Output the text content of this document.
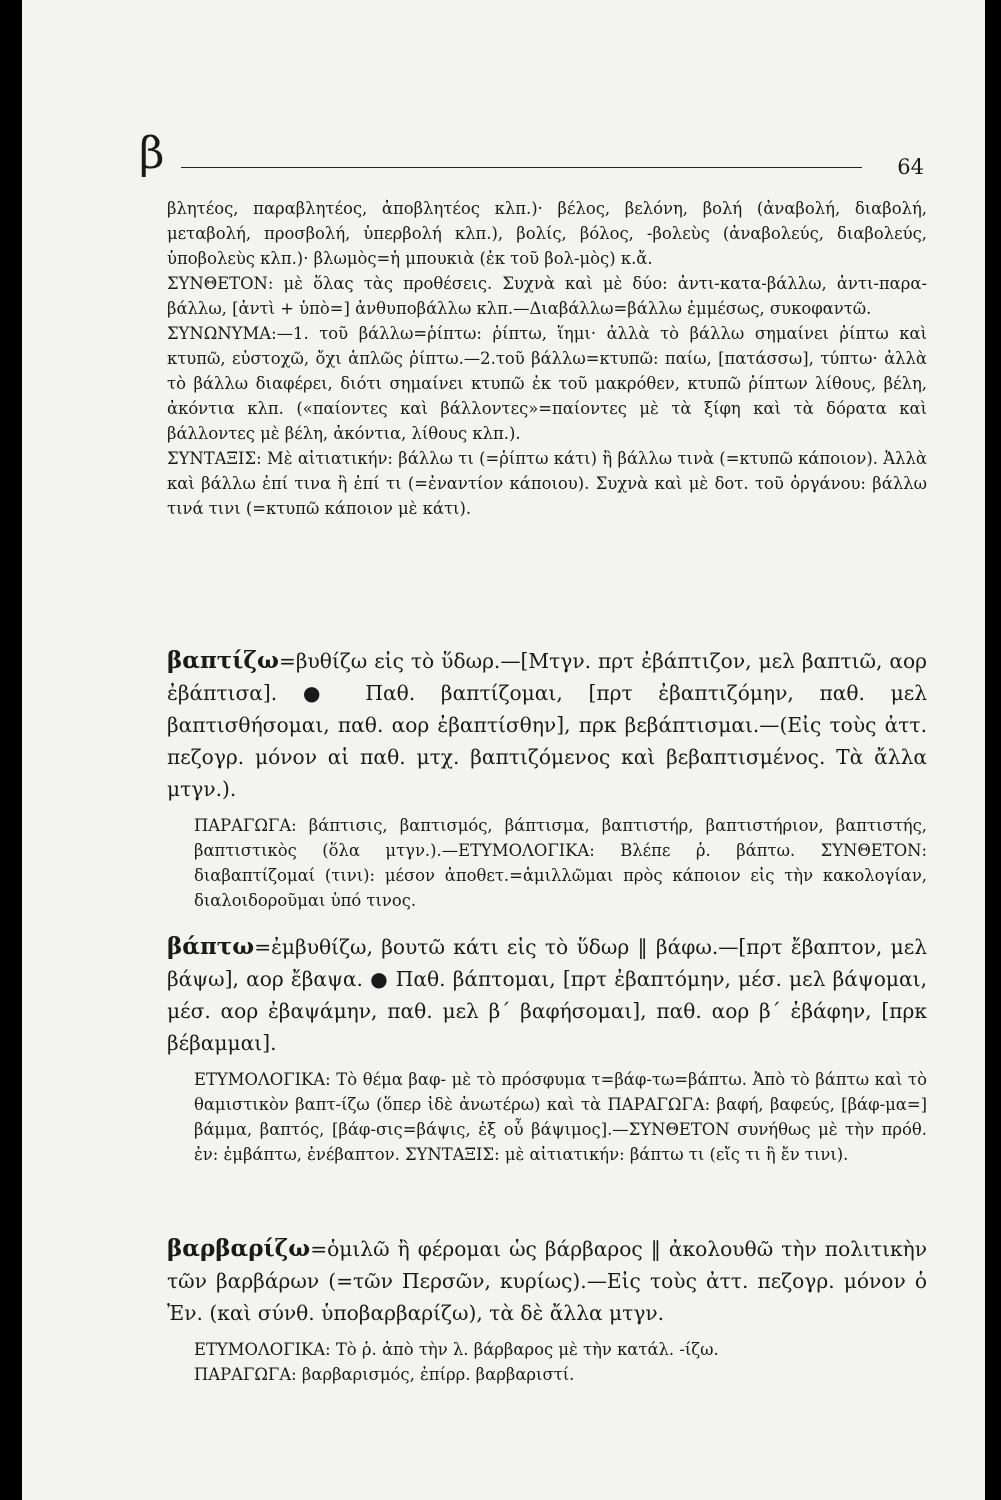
β	64

βλητέος, παραβλητέος, ἀποβλητέος κλπ.)· βέλος, βελόνη, βολή (ἀναβολή, διαβολή, μεταβολή, προσβολή, ὑπερβολή κλπ.), βολίς, βόλος, -βολεὺς (ἀναβολεύς, διαβολεύς, ὑποβολεὺς κλπ.)· βλωμὸς=ἡ μπουκιὰ (ἐκ τοῦ βολ-μὸς) κ.ἄ.

ΣΥΝΘΕΤΟΝ: μὲ ὅλας τὰς προθέσεις. Συχνὰ καὶ μὲ δύο: ἀντι-κατα-βάλλω, ἀντι-παρα-βάλλω, [ἀντὶ + ὑπὸ=] ἀνθυποβάλλω κλπ.—Διαβάλλω=βάλλω ἐμμέσως, συκοφαντῶ.

ΣΥΝΩΝΥΜΑ:—1. τοῦ βάλλω=ῥίπτω: ῥίπτω, ἵημι· ἀλλὰ τὸ βάλλω σημαίνει ῥίπτω καὶ κτυπῶ, εὐστοχῶ, ὄχι ἁπλῶς ῥίπτω.—2.τοῦ βάλλω=κτυπῶ: παίω, [πατάσσω], τύπτω· ἀλλὰ τὸ βάλλω διαφέρει, διότι σημαίνει κτυπῶ ἐκ τοῦ μακρόθεν, κτυπῶ ῥίπτων λίθους, βέλη, ἀκόντια κλπ. («παίοντες καὶ βάλλοντες»=παίοντες μὲ τὰ ξίφη καὶ τὰ δόρατα καὶ βάλλοντες μὲ βέλη, ἀκόντια, λίθους κλπ.).

ΣΥΝΤΑΞΙΣ: Μὲ αἰτιατικήν: βάλλω τι (=ῥίπτω κάτι) ἢ βάλλω τινὰ (=κτυπῶ κάποιον). Ἀλλὰ καὶ βάλλω ἐπί τινα ἢ ἐπί τι (=ἐναντίον κάποιου). Συχνὰ καὶ μὲ δοτ. τοῦ ὀργάνου: βάλλω τινά τινι (=κτυπῶ κάποιον μὲ κάτι).

βαπτίζω=βυθίζω εἰς τὸ ὕδωρ.—[Μτγν. πρτ ἐβάπτιζον, μελ βαπτιῶ, αορ ἐβάπτισα]. ● Παθ. βαπτίζομαι, [πρτ ἐβαπτιζόμην, παθ. μελ βαπτισθήσομαι, παθ. αορ ἐβαπτίσθην], πρκ βεβάπτισμαι.—(Εἰς τοὺς ἀττ. πεζογρ. μόνον αἱ παθ. μτχ. βαπτιζόμενος καὶ βεβαπτισμένος. Τὰ ἄλλα μτγν.).

ΠΑΡΑΓΩΓΑ: βάπτισις, βαπτισμός, βάπτισμα, βαπτιστήρ, βαπτιστήριον, βαπτιστής, βαπτιστικὸς (ὅλα μτγν.).—ΕΤΥΜΟΛΟΓΙΚΑ: Βλέπε ῥ. βάπτω. ΣΥΝΘΕΤΟΝ: διαβαπτίζομαί (τινι): μέσον ἀποθετ.=ἁμιλλῶμαι πρὸς κάποιον εἰς τὴν κακολογίαν, διαλοιδοροῦμαι ὑπό τινος.

βάπτω=ἐμβυθίζω, βουτῶ κάτι εἰς τὸ ὕδωρ ‖ βάφω.—[πρτ ἔβαπτον, μελ βάψω], αορ ἔβαψα. ● Παθ. βάπτομαι, [πρτ ἐβαπτόμην, μέσ. μελ βάψομαι, μέσ. αορ ἐβαψάμην, παθ. μελ β΄ βαφήσομαι], παθ. αορ β΄ ἐβάφην, [πρκ βέβαμμαι].

ΕΤΥΜΟΛΟΓΙΚΑ: Τὸ θέμα βαφ- μὲ τὸ πρόσφυμα τ=βάφ-τω=βάπτω. Ἀπὸ τὸ βάπτω καὶ τὸ θαμιστικὸν βαπτ-ίζω (ὅπερ ἰδὲ ἀνωτέρω) καὶ τὰ ΠΑΡΑΓΩΓΑ: βαφή, βαφεύς, [βάφ-μα=] βάμμα, βαπτός, [βάφ-σις=βάψις, ἐξ οὗ βάψιμος].—ΣΥΝΘΕΤΟΝ συνήθως μὲ τὴν πρόθ. ἐν: ἐμβάπτω, ἐνέβαπτον. ΣΥΝΤΑΞΙΣ: μὲ αἰτιατικήν: βάπτω τι (εἴς τι ἢ ἔν τινι).

βαρβαρίζω=ὁμιλῶ ἢ φέρομαι ὡς βάρβαρος ‖ ἀκολουθῶ τὴν πολιτικὴν τῶν βαρβάρων (=τῶν Περσῶν, κυρίως).—Εἰς τοὺς ἀττ. πεζογρ. μόνον ὁ Ἐν. (καὶ σύνθ. ὑποβαρβαρίζω), τὰ δὲ ἄλλα μτγν.

ΕΤΥΜΟΛΟΓΙΚΑ: Τὸ ῥ. ἀπὸ τὴν λ. βάρβαρος μὲ τὴν κατάλ. -ίζω.

ΠΑΡΑΓΩΓΑ: βαρβαρισμός, ἐπίρρ. βαρβαριστί.
